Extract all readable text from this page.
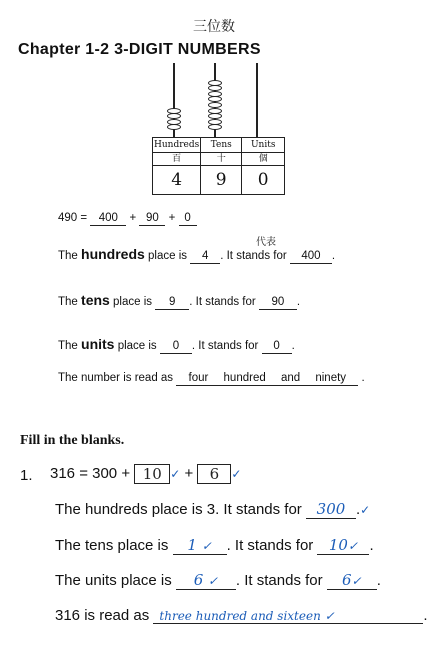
三位数
Chapter 1-2 3-DIGIT NUMBERS
Hundreds	Tens	Units
百	十	個
4	9	0
490 = 400 + 90 + 0
代表
The hundreds place is 4 . It stands for 400 .
The tens place is 9 . It stands for 90 .
The units place is 0 . It stands for 0 .
The number is read as four hundred and ninety .
Fill in the blanks.
1. 316 = 300 + 10 ✓ + 6 ✓
The hundreds place is 3. It stands for 300 .✓
The tens place is 1 ✓ . It stands for 10✓ .
The units place is 6 ✓ . It stands for 6✓ .
316 is read as three hundred and sixteen ✓	.
